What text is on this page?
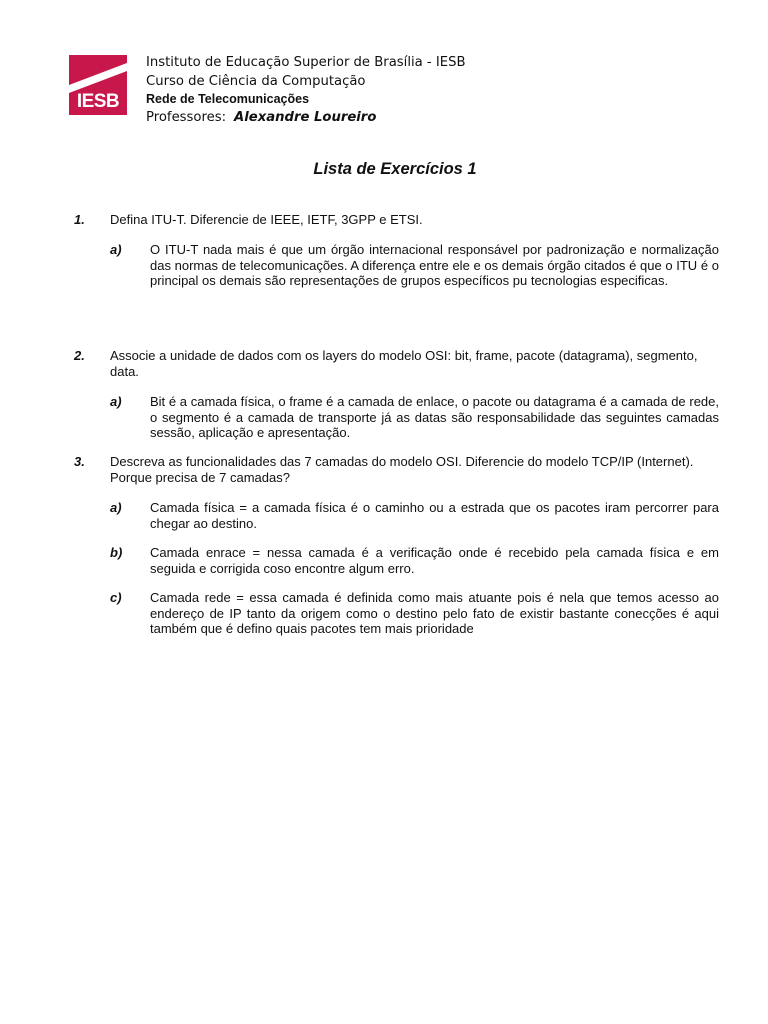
IESB
Instituto de Educação Superior de Brasília - IESB
Curso de Ciência da Computação
Rede de Telecomunicações
Professores: Alexandre Loureiro
Lista de Exercícios 1
1. Defina ITU-T. Diferencie de IEEE, IETF, 3GPP e ETSI.
a) O ITU-T nada mais é que um órgão internacional responsável por padronização e normalização das normas de telecomunicações. A diferença entre ele e os demais órgão citados é que o ITU é o principal os demais são representações de grupos específicos pu tecnologias especificas.
2. Associe a unidade de dados com os layers do modelo OSI: bit, frame, pacote (datagrama), segmento, data.
a) Bit é a camada física, o frame é a camada de enlace, o pacote ou datagrama é a camada de rede, o segmento é a camada de transporte já as datas são responsabilidade das seguintes camadas sessão, aplicação e apresentação.
3. Descreva as funcionalidades das 7 camadas do modelo OSI. Diferencie do modelo TCP/IP (Internet). Porque precisa de 7 camadas?
a) Camada física = a camada física é o caminho ou a estrada que os pacotes iram percorrer para chegar ao destino.
b) Camada enrace = nessa camada é a verificação onde é recebido pela camada física e em seguida e corrigida coso encontre algum erro.
c) Camada rede = essa camada é definida como mais atuante pois é nela que temos acesso ao endereço de IP tanto da origem como o destino pelo fato de existir bastante conecções é aqui também que é defino quais pacotes tem mais prioridade
